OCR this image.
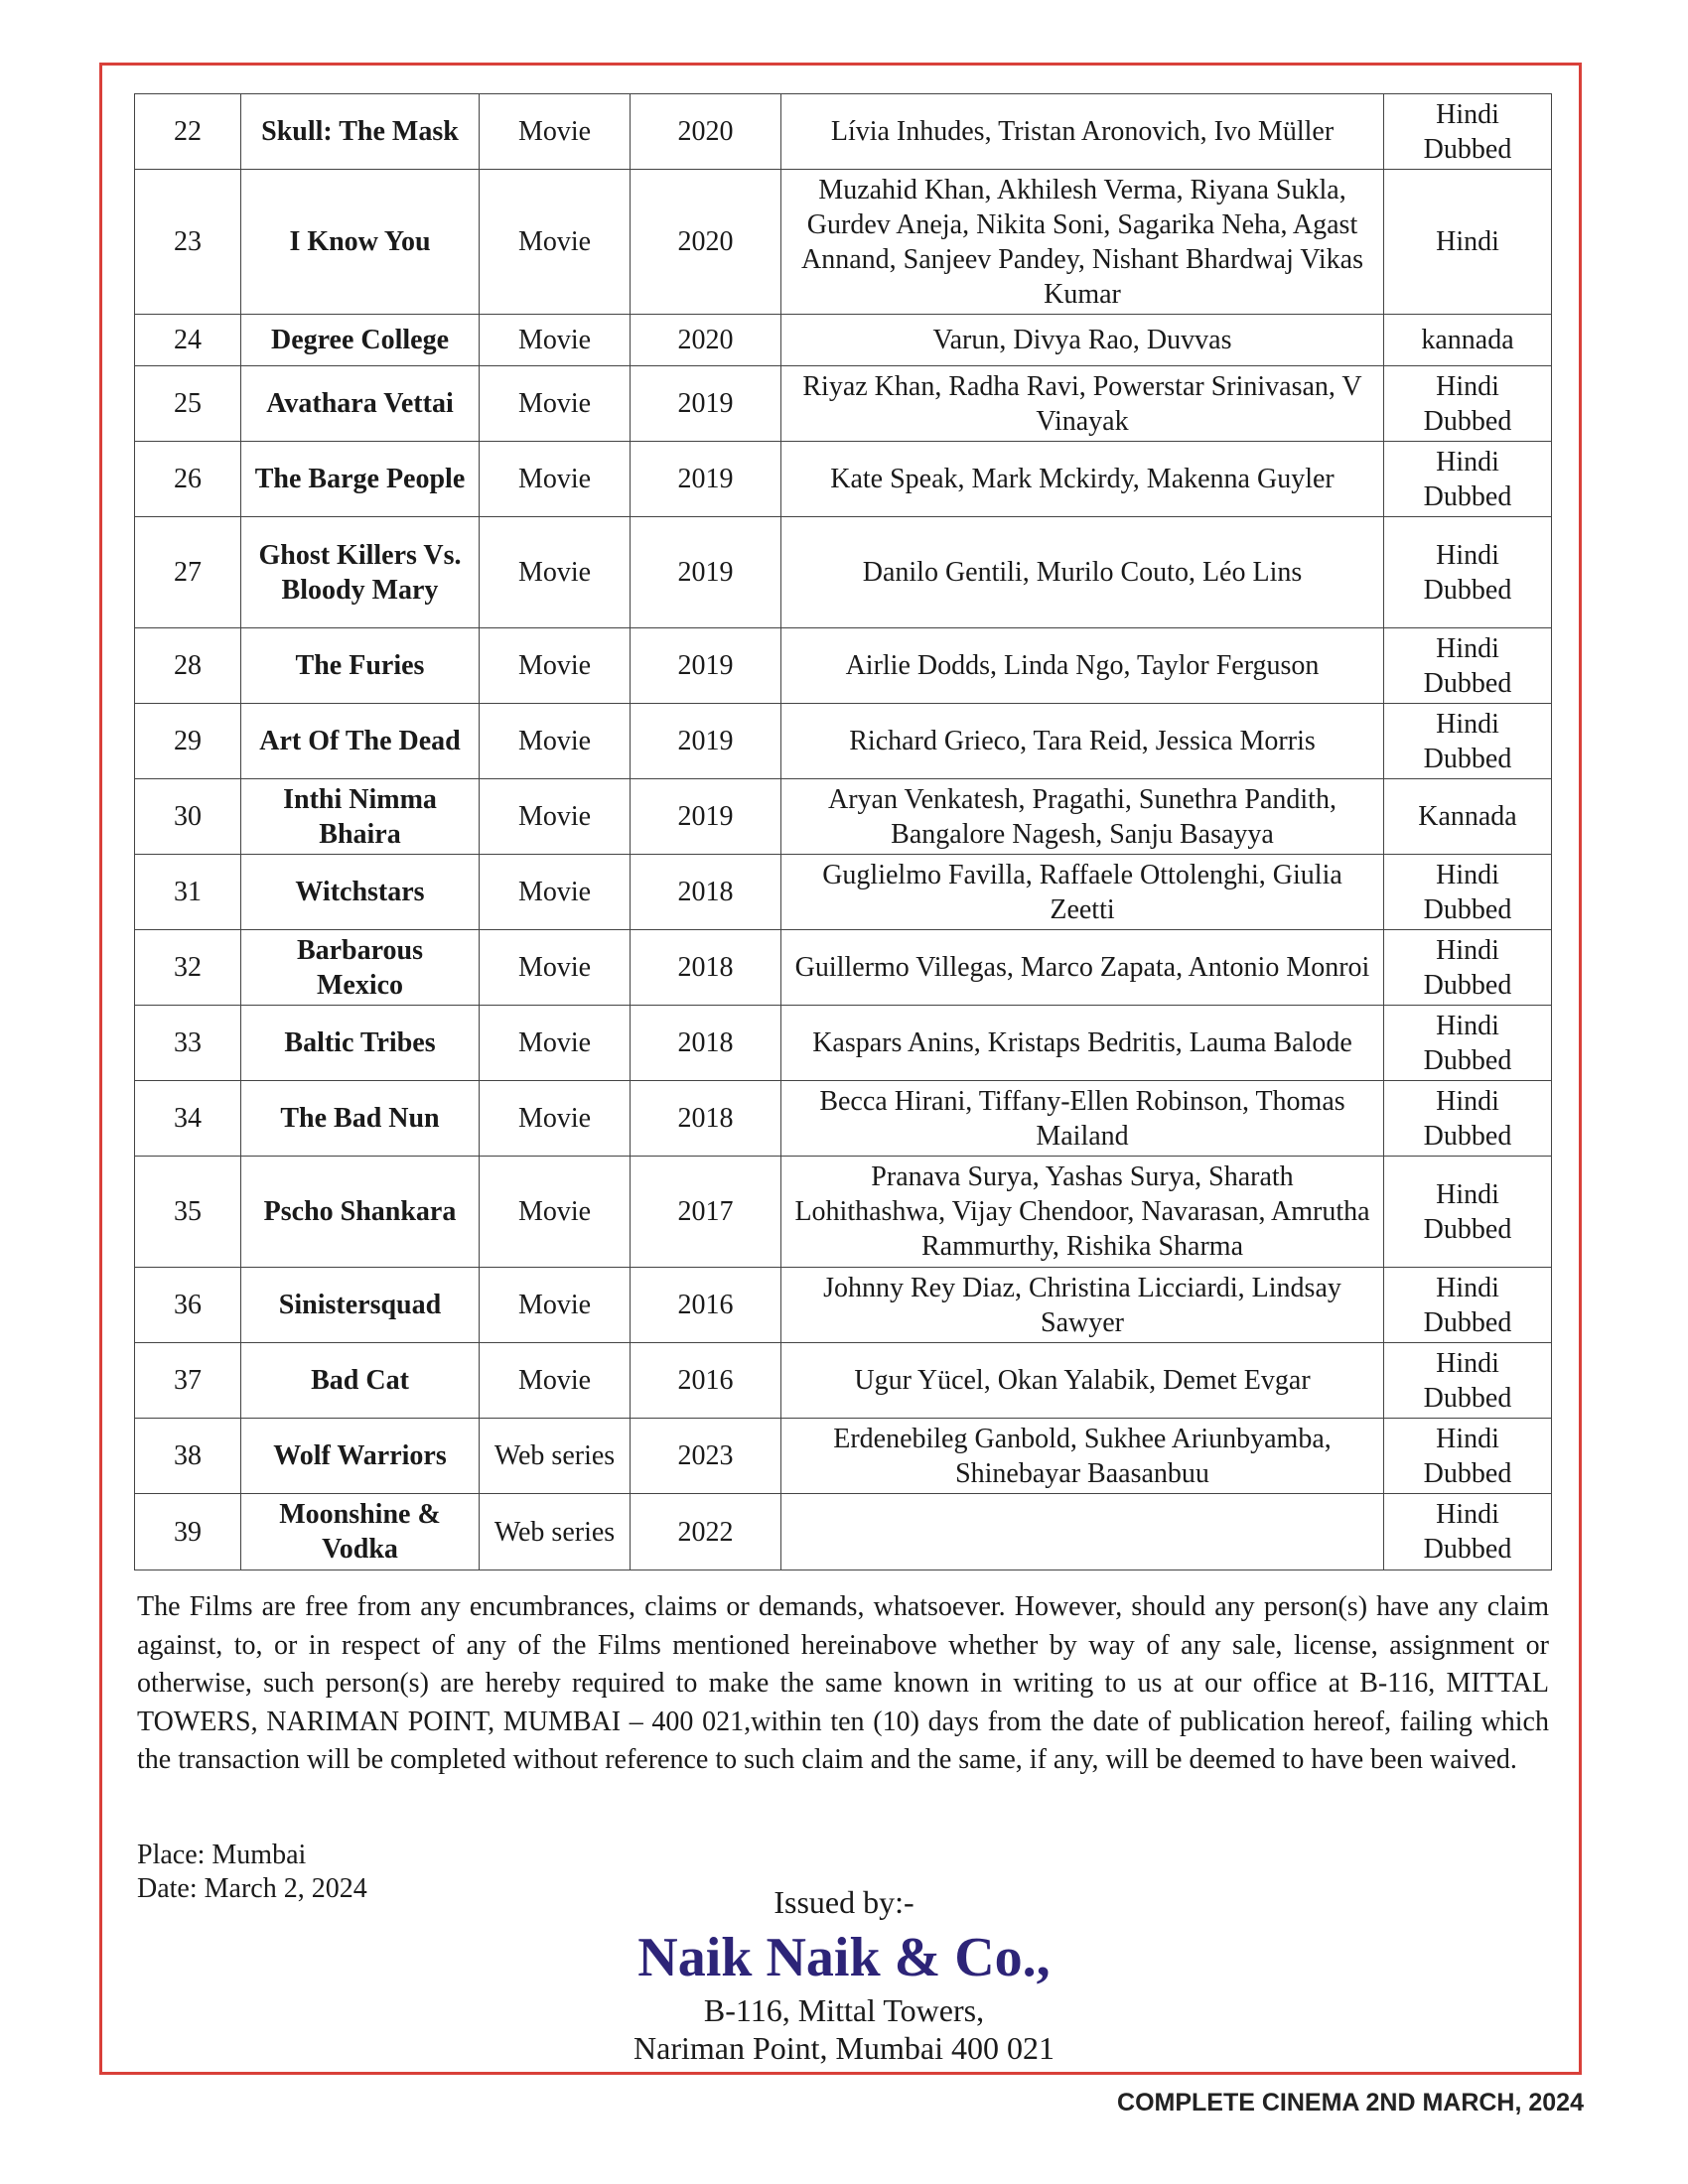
22	Skull: The Mask	Movie	2020	Lívia Inhudes, Tristan Aronovich, Ivo Müller	Hindi Dubbed
23	I Know You	Movie	2020	Muzahid Khan, Akhilesh Verma, Riyana Sukla, Gurdev Aneja, Nikita Soni, Sagarika Neha, Agast Annand, Sanjeev Pandey, Nishant Bhardwaj Vikas Kumar	Hindi
24	Degree College	Movie	2020	Varun, Divya Rao, Duvvas	kannada
25	Avathara Vettai	Movie	2019	Riyaz Khan, Radha Ravi, Powerstar Srinivasan, V Vinayak	Hindi Dubbed
26	The Barge People	Movie	2019	Kate Speak, Mark Mckirdy, Makenna Guyler	Hindi Dubbed
27	Ghost Killers Vs. Bloody Mary	Movie	2019	Danilo Gentili, Murilo Couto, Léo Lins	Hindi Dubbed
28	The Furies	Movie	2019	Airlie Dodds, Linda Ngo, Taylor Ferguson	Hindi Dubbed
29	Art Of The Dead	Movie	2019	Richard Grieco, Tara Reid, Jessica Morris	Hindi Dubbed
30	Inthi Nimma Bhaira	Movie	2019	Aryan Venkatesh, Pragathi, Sunethra Pandith, Bangalore Nagesh, Sanju Basayya	Kannada
31	Witchstars	Movie	2018	Guglielmo Favilla, Raffaele Ottolenghi, Giulia Zeetti	Hindi Dubbed
32	Barbarous Mexico	Movie	2018	Guillermo Villegas, Marco Zapata, Antonio Monroi	Hindi Dubbed
33	Baltic Tribes	Movie	2018	Kaspars Anins, Kristaps Bedritis, Lauma Balode	Hindi Dubbed
34	The Bad Nun	Movie	2018	Becca Hirani, Tiffany-Ellen Robinson, Thomas Mailand	Hindi Dubbed
35	Pscho Shankara	Movie	2017	Pranava Surya, Yashas Surya, Sharath Lohithashwa, Vijay Chendoor, Navarasan, Amrutha Rammurthy, Rishika Sharma	Hindi Dubbed
36	Sinistersquad	Movie	2016	Johnny Rey Diaz, Christina Licciardi, Lindsay Sawyer	Hindi Dubbed
37	Bad Cat	Movie	2016	Ugur Yücel, Okan Yalabik, Demet Evgar	Hindi Dubbed
38	Wolf Warriors	Web series	2023	Erdenebileg Ganbold, Sukhee Ariunbyamba, Shinebayar Baasanbuu	Hindi Dubbed
39	Moonshine & Vodka	Web series	2022		Hindi Dubbed

The Films are free from any encumbrances, claims or demands, whatsoever. However, should any person(s) have any claim against, to, or in respect of any of the Films mentioned hereinabove whether by way of any sale, license, assignment or otherwise, such person(s) are hereby required to make the same known in writing to us at our office at B-116, MITTAL TOWERS, NARIMAN POINT, MUMBAI – 400 021,within ten (10) days from the date of publication hereof, failing which the transaction will be completed without reference to such claim and the same, if any, will be deemed to have been waived.

Place: Mumbai

Date: March 2, 2024	Issued by:-

Naik Naik & Co.,

B-116, Mittal Towers,

Nariman Point, Mumbai 400 021

COMPLETE CINEMA 2ND MARCH, 2024
